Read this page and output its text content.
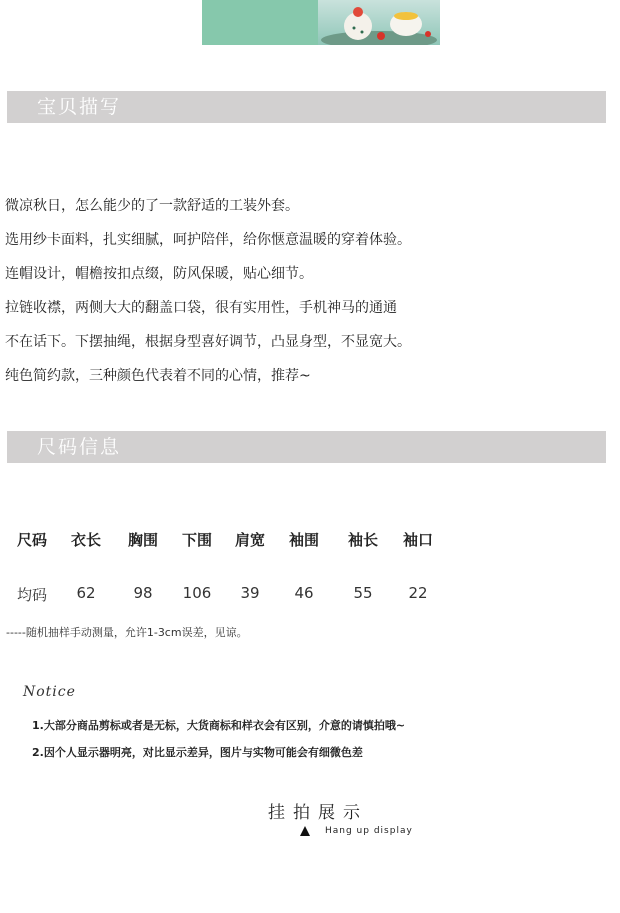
宝贝描写

微凉秋日，怎么能少的了一款舒适的工装外套。

选用纱卡面料，扎实细腻，呵护陪伴，给你惬意温暖的穿着体验。

连帽设计，帽檐按扣点缀，防风保暖，贴心细节。

拉链收襟，两侧大大的翻盖口袋，很有实用性，手机神马的通通

不在话下。下摆抽绳，根据身型喜好调节，凸显身型，不显宽大。

纯色简约款，三种颜色代表着不同的心情，推荐~

尺码信息
尺码 衣长 胸围 下围 肩宽 袖围 袖长 袖口
均码 62	98 106 39 46	55 22
-----随机抽样手动测量，允许1-3cm误差，见谅。
Notice
1.大部分商品剪标或者是无标，大货商标和样衣会有区别，介意的请慎拍哦~
2.因个人显示器明亮，对比显示差异，图片与实物可能会有细微色差
挂拍展示
Hang up display
